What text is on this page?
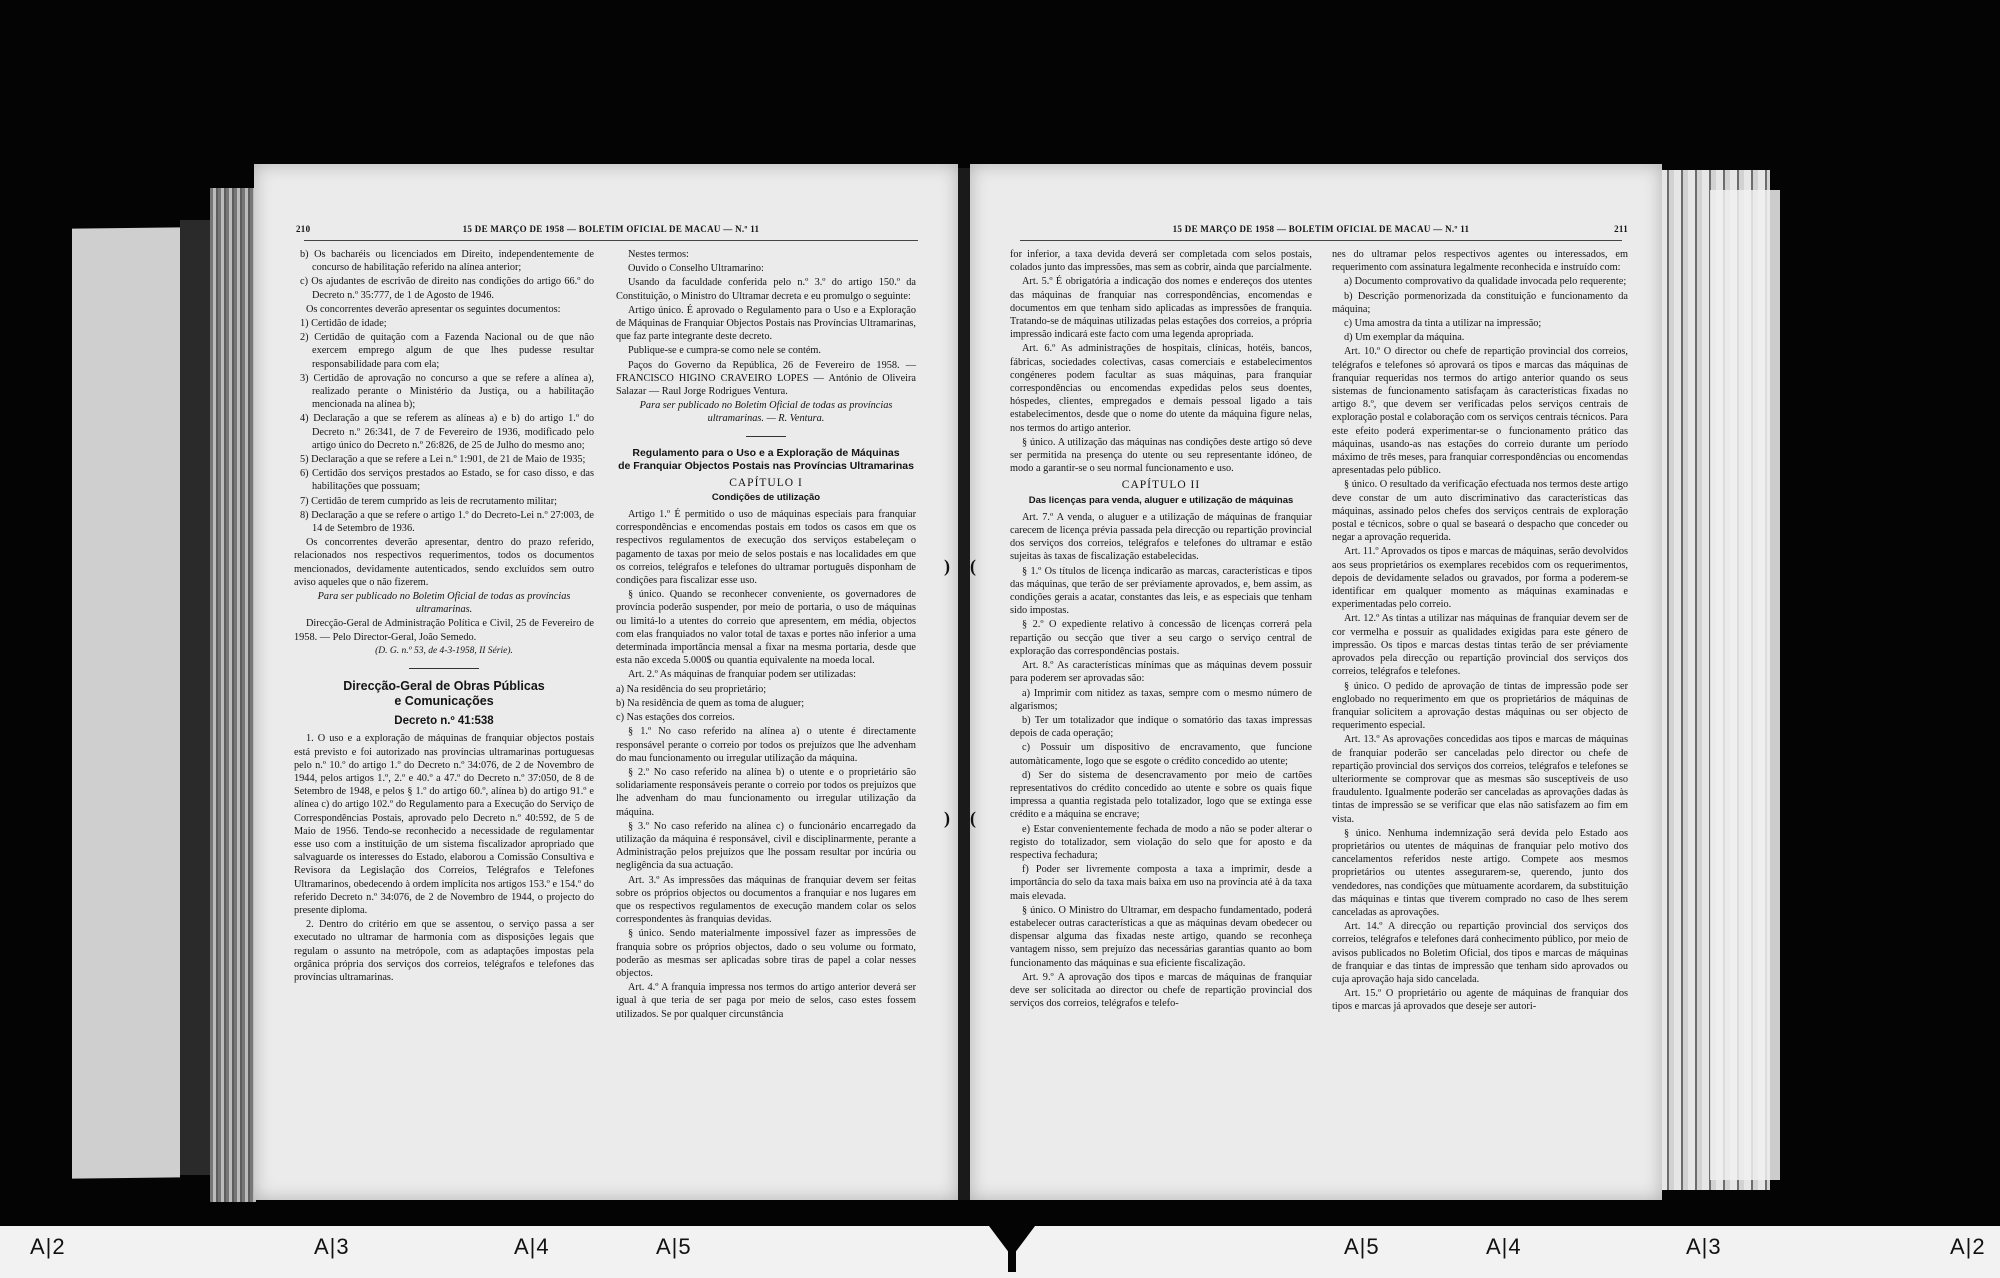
210	15 DE MARÇO DE 1958 — BOLETIM OFICIAL DE MACAU — N.º 11

b) Os bacharéis ou licenciados em Direito, independentemente de concurso de habilitação referido na alínea anterior;

c) Os ajudantes de escrivão de direito nas condições do artigo 66.º do Decreto n.º 35:777, de 1 de Agosto de 1946.

Os concorrentes deverão apresentar os seguintes documentos:

1) Certidão de idade;

2) Certidão de quitação com a Fazenda Nacional ou de que não exercem emprego algum de que lhes pudesse resultar responsabilidade para com ela;

3) Certidão de aprovação no concurso a que se refere a alínea a), realizado perante o Ministério da Justiça, ou a habilitação mencionada na alínea b);

4) Declaração a que se referem as alíneas a) e b) do artigo 1.º do Decreto n.º 26:341, de 7 de Fevereiro de 1936, modificado pelo artigo único do Decreto n.º 26:826, de 25 de Julho do mesmo ano;

5) Declaração a que se refere a Lei n.º 1:901, de 21 de Maio de 1935;

6) Certidão dos serviços prestados ao Estado, se for caso disso, e das habilitações que possuam;

7) Certidão de terem cumprido as leis de recrutamento militar;

8) Declaração a que se refere o artigo 1.º do Decreto-Lei n.º 27:003, de 14 de Setembro de 1936.

Os concorrentes deverão apresentar, dentro do prazo referido, relacionados nos respectivos requerimentos, todos os documentos mencionados, devidamente autenticados, sendo excluídos sem outro aviso aqueles que o não fizerem.

Para ser publicado no Boletim Oficial de todas as províncias ultramarinas.

Direcção-Geral de Administração Política e Civil, 25 de Fevereiro de 1958. — Pelo Director-Geral, João Semedo.

(D. G. n.º 53, de 4-3-1958, II Série).

Direcção-Geral de Obras Públicas
e Comunicações
Decreto n.º 41:538

1. O uso e a exploração de máquinas de franquiar objectos postais está previsto e foi autorizado nas províncias ultramarinas portuguesas pelo n.º 10.º do artigo 1.º do Decreto n.º 34:076, de 2 de Novembro de 1944, pelos artigos 1.º, 2.º e 40.º a 47.º do Decreto n.º 37:050, de 8 de Setembro de 1948, e pelos § 1.º do artigo 60.º, alínea b) do artigo 91.º e alínea c) do artigo 102.º do Regulamento para a Execução do Serviço de Correspondências Postais, aprovado pelo Decreto n.º 40:592, de 5 de Maio de 1956. Tendo-se reconhecido a necessidade de regulamentar esse uso com a instituição de um sistema fiscalizador apropriado que salvaguarde os interesses do Estado, elaborou a Comissão Consultiva e Revisora da Legislação dos Correios, Telégrafos e Telefones Ultramarinos, obedecendo à ordem implícita nos artigos 153.º e 154.º do referido Decreto n.º 34:076, de 2 de Novembro de 1944, o projecto do presente diploma.

2. Dentro do critério em que se assentou, o serviço passa a ser executado no ultramar de harmonia com as disposições legais que regulam o assunto na metrópole, com as adaptações impostas pela orgânica própria dos serviços dos correios, telégrafos e telefones das províncias ultramarinas.

Nestes termos:

Ouvido o Conselho Ultramarino:

Usando da faculdade conferida pelo n.º 3.º do artigo 150.º da Constituição, o Ministro do Ultramar decreta e eu promulgo o seguinte:

Artigo único. É aprovado o Regulamento para o Uso e a Exploração de Máquinas de Franquiar Objectos Postais nas Províncias Ultramarinas, que faz parte integrante deste decreto.

Publique-se e cumpra-se como nele se contém.

Paços do Governo da República, 26 de Fevereiro de 1958. — FRANCISCO HIGINO CRAVEIRO LOPES — António de Oliveira Salazar — Raul Jorge Rodrigues Ventura.

Para ser publicado no Boletim Oficial de todas as províncias ultramarinas. — R. Ventura.

Regulamento para o Uso e a Exploração de Máquinas
de Franquiar Objectos Postais nas Províncias Ultramarinas
CAPÍTULO I
Condições de utilização

Artigo 1.º É permitido o uso de máquinas especiais para franquiar correspondências e encomendas postais em todos os casos em que os respectivos regulamentos de execução dos serviços estabeleçam o pagamento de taxas por meio de selos postais e nas localidades em que os correios, telégrafos e telefones do ultramar português disponham de condições para fiscalizar esse uso.

§ único. Quando se reconhecer conveniente, os governadores de província poderão suspender, por meio de portaria, o uso de máquinas ou limitá-lo a utentes do correio que apresentem, em média, objectos com elas franquiados no valor total de taxas e portes não inferior a uma determinada importância mensal a fixar na mesma portaria, desde que esta não exceda 5.000$ ou quantia equivalente na moeda local.

Art. 2.º As máquinas de franquiar podem ser utilizadas:

a) Na residência do seu proprietário;

b) Na residência de quem as toma de aluguer;

c) Nas estações dos correios.

§ 1.º No caso referido na alínea a) o utente é directamente responsável perante o correio por todos os prejuízos que lhe advenham do mau funcionamento ou irregular utilização da máquina.

§ 2.º No caso referido na alínea b) o utente e o proprietário são solidariamente responsáveis perante o correio por todos os prejuízos que lhe advenham do mau funcionamento ou irregular utilização da máquina.

§ 3.º No caso referido na alínea c) o funcionário encarregado da utilização da máquina é responsável, civil e disciplinarmente, perante a Administração pelos prejuízos que lhe possam resultar por incúria ou negligência da sua actuação.

Art. 3.º As impressões das máquinas de franquiar devem ser feitas sobre os próprios objectos ou documentos a franquiar e nos lugares em que os respectivos regulamentos de execução mandem colar os selos correspondentes às franquias devidas.

§ único. Sendo materialmente impossível fazer as impressões de franquia sobre os próprios objectos, dado o seu volume ou formato, poderão as mesmas ser aplicadas sobre tiras de papel a colar nesses objectos.

Art. 4.º A franquia impressa nos termos do artigo anterior deverá ser igual à que teria de ser paga por meio de selos, caso estes fossem utilizados. Se por qualquer circunstância

)
)
15 DE MARÇO DE 1958 — BOLETIM OFICIAL DE MACAU — N.º 11	211

for inferior, a taxa devida deverá ser completada com selos postais, colados junto das impressões, mas sem as cobrir, ainda que parcialmente.

Art. 5.º É obrigatória a indicação dos nomes e endereços dos utentes das máquinas de franquiar nas correspondências, encomendas e documentos em que tenham sido aplicadas as impressões de franquia. Tratando-se de máquinas utilizadas pelas estações dos correios, a própria impressão indicará este facto com uma legenda apropriada.

Art. 6.º As administrações de hospitais, clínicas, hotéis, bancos, fábricas, sociedades colectivas, casas comerciais e estabelecimentos congéneres podem facultar as suas máquinas, para franquiar correspondências ou encomendas expedidas pelos seus doentes, hóspedes, clientes, empregados e demais pessoal ligado a tais estabelecimentos, desde que o nome do utente da máquina figure nelas, nos termos do artigo anterior.

§ único. A utilização das máquinas nas condições deste artigo só deve ser permitida na presença do utente ou seu representante idóneo, de modo a garantir-se o seu normal funcionamento e uso.

CAPÍTULO II
Das licenças para venda, aluguer e utilização de máquinas

Art. 7.º A venda, o aluguer e a utilização de máquinas de franquiar carecem de licença prévia passada pela direcção ou repartição provincial dos serviços dos correios, telégrafos e telefones do ultramar e estão sujeitas às taxas de fiscalização estabelecidas.

§ 1.º Os títulos de licença indicarão as marcas, características e tipos das máquinas, que terão de ser préviamente aprovados, e, bem assim, as condições gerais a acatar, constantes das leis, e as especiais que tenham sido impostas.

§ 2.º O expediente relativo à concessão de licenças correrá pela repartição ou secção que tiver a seu cargo o serviço central de exploração das correspondências postais.

Art. 8.º As características mínimas que as máquinas devem possuir para poderem ser aprovadas são:

a) Imprimir com nitidez as taxas, sempre com o mesmo número de algarismos;

b) Ter um totalizador que indique o somatório das taxas impressas depois de cada operação;

c) Possuir um dispositivo de encravamento, que funcione automàticamente, logo que se esgote o crédito concedido ao utente;

d) Ser do sistema de desencravamento por meio de cartões representativos do crédito concedido ao utente e sobre os quais fique impressa a quantia registada pelo totalizador, logo que se extinga esse crédito e a máquina se encrave;

e) Estar convenientemente fechada de modo a não se poder alterar o registo do totalizador, sem violação do selo que for aposto e da respectiva fechadura;

f) Poder ser livremente composta a taxa a imprimir, desde a importância do selo da taxa mais baixa em uso na província até à da taxa mais elevada.

§ único. O Ministro do Ultramar, em despacho fundamentado, poderá estabelecer outras características a que as máquinas devam obedecer ou dispensar alguma das fixadas neste artigo, quando se reconheça vantagem nisso, sem prejuízo das necessárias garantias quanto ao bom funcionamento das máquinas e sua eficiente fiscalização.

Art. 9.º A aprovação dos tipos e marcas de máquinas de franquiar deve ser solicitada ao director ou chefe de repartição provincial dos serviços dos correios, telégrafos e telefo-

nes do ultramar pelos respectivos agentes ou interessados, em requerimento com assinatura legalmente reconhecida e instruído com:

a) Documento comprovativo da qualidade invocada pelo requerente;

b) Descrição pormenorizada da constituição e funcionamento da máquina;

c) Uma amostra da tinta a utilizar na impressão;

d) Um exemplar da máquina.

Art. 10.º O director ou chefe de repartição provincial dos correios, telégrafos e telefones só aprovará os tipos e marcas das máquinas de franquiar requeridas nos termos do artigo anterior quando os seus sistemas de funcionamento satisfaçam às características fixadas no artigo 8.º, que devem ser verificadas pelos serviços centrais de exploração postal e colaboração com os serviços centrais técnicos. Para este efeito poderá experimentar-se o funcionamento prático das máquinas, usando-as nas estações do correio durante um período máximo de três meses, para franquiar correspondências ou encomendas apresentadas pelo público.

§ único. O resultado da verificação efectuada nos termos deste artigo deve constar de um auto discriminativo das características das máquinas, assinado pelos chefes dos serviços centrais de exploração postal e técnicos, sobre o qual se baseará o despacho que conceder ou negar a aprovação requerida.

Art. 11.º Aprovados os tipos e marcas de máquinas, serão devolvidos aos seus proprietários os exemplares recebidos com os requerimentos, depois de devidamente selados ou gravados, por forma a poderem-se identificar em qualquer momento as máquinas examinadas e experimentadas pelo correio.

Art. 12.º As tintas a utilizar nas máquinas de franquiar devem ser de cor vermelha e possuir as qualidades exigidas para este género de impressão. Os tipos e marcas destas tintas terão de ser préviamente aprovados pela direcção ou repartição provincial dos serviços dos correios, telégrafos e telefones.

§ único. O pedido de aprovação de tintas de impressão pode ser englobado no requerimento em que os proprietários de máquinas de franquiar solicitem a aprovação destas máquinas ou ser objecto de requerimento especial.

Art. 13.º As aprovações concedidas aos tipos e marcas de máquinas de franquiar poderão ser canceladas pelo director ou chefe de repartição provincial dos serviços dos correios, telégrafos e telefones se ulteriormente se comprovar que as mesmas são susceptíveis de uso fraudulento. Igualmente poderão ser canceladas as aprovações dadas às tintas de impressão se se verificar que elas não satisfazem ao fim em vista.

§ único. Nenhuma indemnização será devida pelo Estado aos proprietários ou utentes de máquinas de franquiar pelo motivo dos cancelamentos referidos neste artigo. Compete aos mesmos proprietários ou utentes assegurarem-se, querendo, junto dos vendedores, nas condições que mùtuamente acordarem, da substituição das máquinas e tintas que tiverem comprado no caso de lhes serem canceladas as aprovações.

Art. 14.º A direcção ou repartição provincial dos serviços dos correios, telégrafos e telefones dará conhecimento público, por meio de avisos publicados no Boletim Oficial, dos tipos e marcas de máquinas de franquiar e das tintas de impressão que tenham sido aprovados ou cuja aprovação haja sido cancelada.

Art. 15.º O proprietário ou agente de máquinas de franquiar dos tipos e marcas já aprovados que deseje ser autori-

(
(
A|2	A|3	A|4	A|5	A|5	A|4	A|3	A|2
